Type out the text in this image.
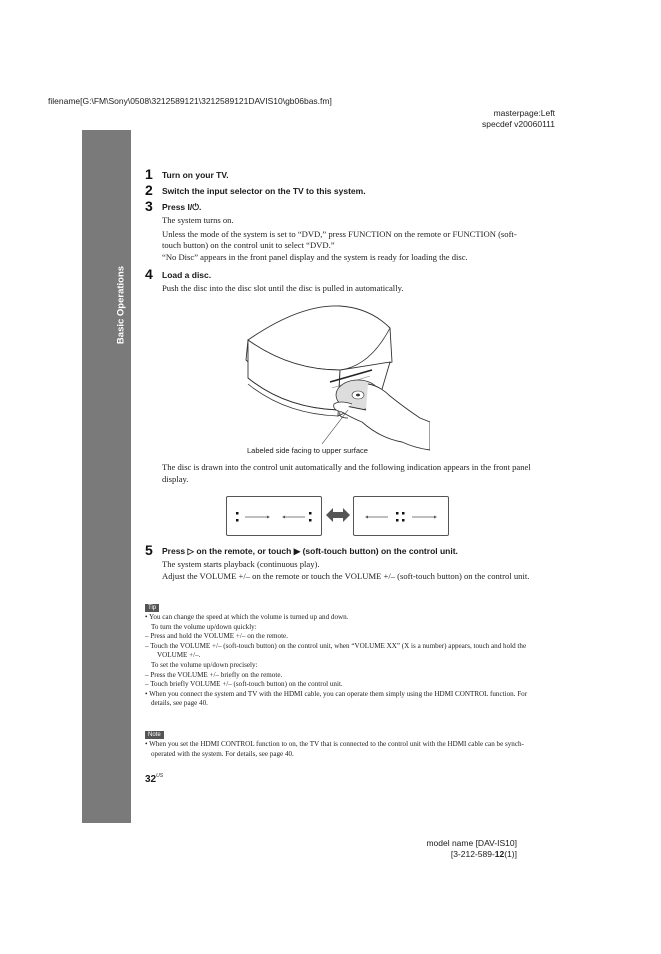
filename[G:\FM\Sony\0508\3212589121\3212589121DAVIS10\gb06bas.fm]
masterpage:Left
specdef v20060111
Basic Operations
1 Turn on your TV.
2 Switch the input selector on the TV to this system.
3 Press I/⏻.
The system turns on.
Unless the mode of the system is set to “DVD,” press FUNCTION on the remote or FUNCTION (soft-touch button) on the control unit to select “DVD.”
“No Disc” appears in the front panel display and the system is ready for loading the disc.
4 Load a disc.
Push the disc into the disc slot until the disc is pulled in automatically.
Labeled side facing to upper surface
The disc is drawn into the control unit automatically and the following indication appears in the front panel display.
5 Press ▷ on the remote, or touch ▶ (soft-touch button) on the control unit.
The system starts playback (continuous play).
Adjust the VOLUME +/– on the remote or touch the VOLUME +/– (soft-touch button) on the control unit.
Tip
• You can change the speed at which the volume is turned up and down.
To turn the volume up/down quickly:
– Press and hold the VOLUME +/– on the remote.
– Touch the VOLUME +/– (soft-touch button) on the control unit, when “VOLUME XX” (X is a number) appears, touch and hold the VOLUME +/–.
To set the volume up/down precisely:
– Press the VOLUME +/– briefly on the remote.
– Touch briefly VOLUME +/– (soft-touch button) on the control unit.
• When you connect the system and TV with the HDMI cable, you can operate them simply using the HDMI CONTROL function. For details, see page 40.
Note
• When you set the HDMI CONTROL function to on, the TV that is connected to the control unit with the HDMI cable can be synch-operated with the system. For details, see page 40.
$32^{US}$
model name [DAV-IS10]
[3-212-589-12(1)]
